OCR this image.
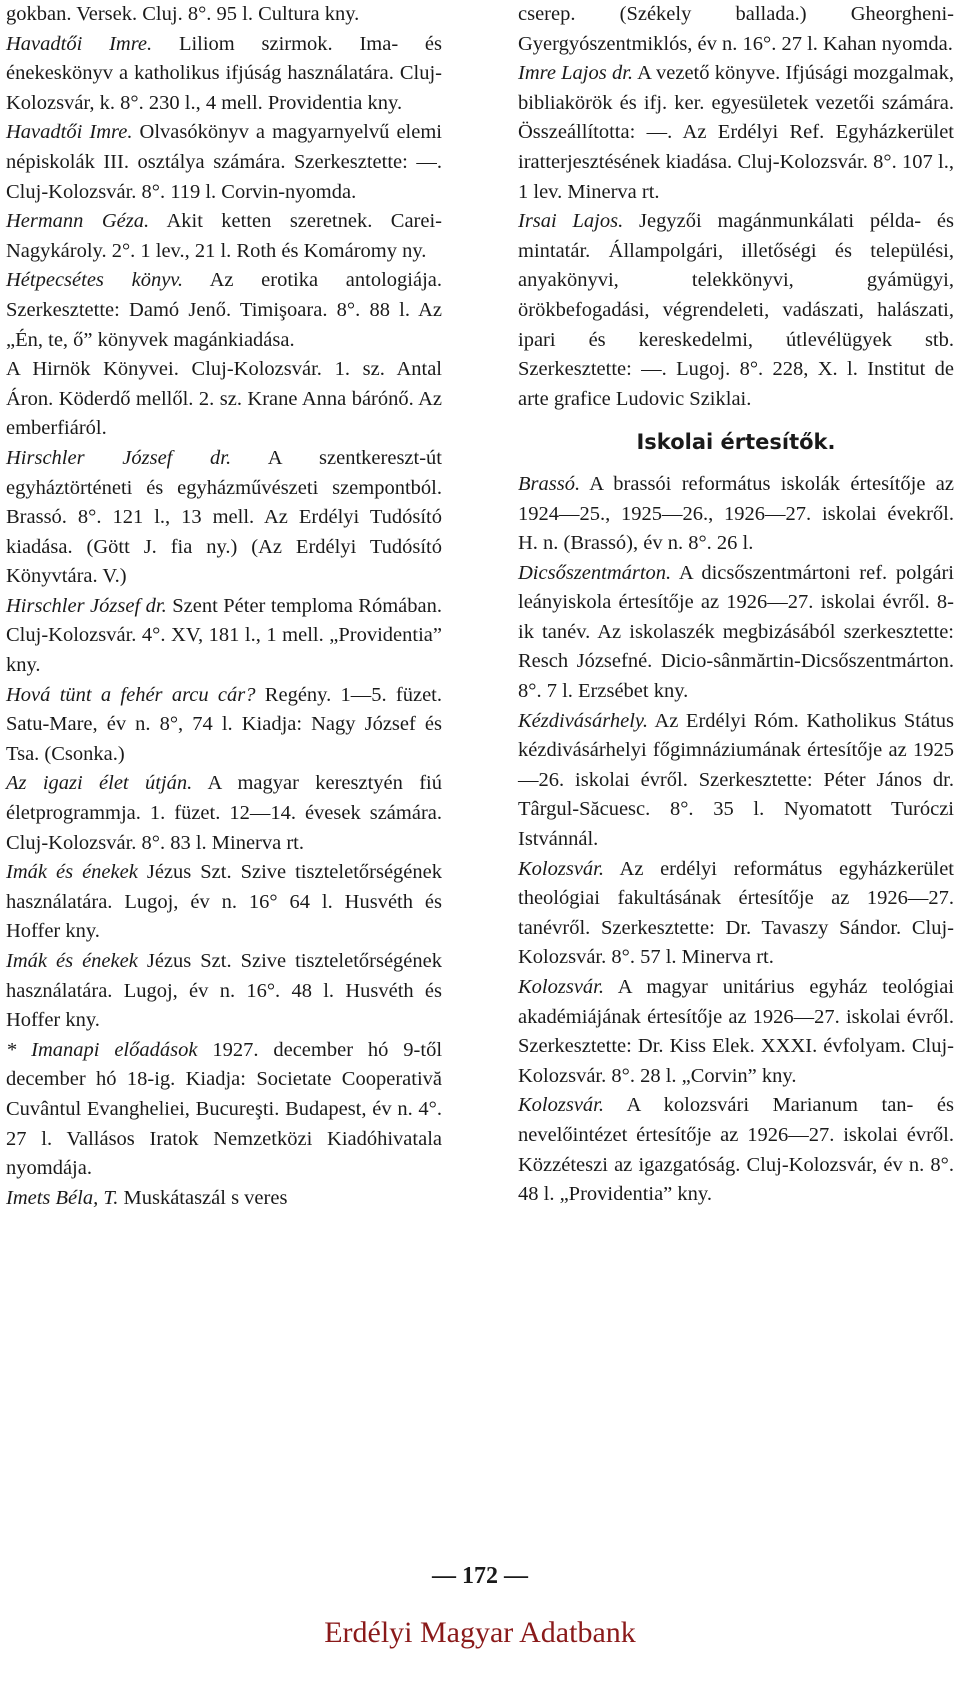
gokban. Versek. Cluj. 8°. 95 l. Cultura kny.

Havadtői Imre. Liliom szirmok. Ima- és énekeskönyv a katholikus ifjúság használatára. Cluj-Kolozsvár, k. 8°. 230 l., 4 mell. Providentia kny.

Havadtői Imre. Olvasókönyv a magyarnyelvű elemi népiskolák III. osztálya számára. Szerkesztette: —. Cluj-Kolozsvár. 8°. 119 l. Corvin-nyomda.

Hermann Géza. Akit ketten szeretnek. Carei-Nagykároly. 2°. 1 lev., 21 l. Roth és Komáromy ny.

Hétpecsétes könyv. Az erotika antologiája. Szerkesztette: Damó Jenő. Timişoara. 8°. 88 l. Az „Én, te, ő” könyvek magánkiadása.

A Hirnök Könyvei. Cluj-Kolozsvár. 1. sz. Antal Áron. Köderdő mellől. 2. sz. Krane Anna bárónő. Az emberfiáról.

Hirschler József dr. A szentkereszt-út egyháztörténeti és egyházművészeti szempontból. Brassó. 8°. 121 l., 13 mell. Az Erdélyi Tudósító kiadása. (Gött J. fia ny.) (Az Erdélyi Tudósító Könyvtára. V.)

Hirschler József dr. Szent Péter temploma Rómában. Cluj-Kolozsvár. 4°. XV, 181 l., 1 mell. „Providentia” kny.

Hová tünt a fehér arcu cár? Regény. 1—5. füzet. Satu-Mare, év n. 8°, 74 l. Kiadja: Nagy József és Tsa. (Csonka.)

Az igazi élet útján. A magyar keresztyén fiú életprogrammja. 1. füzet. 12—14. évesek számára. Cluj-Kolozsvár. 8°. 83 l. Minerva rt.

Imák és énekek Jézus Szt. Szive tiszteletőrségének használatára. Lugoj, év n. 16° 64 l. Husvéth és Hoffer kny.

Imák és énekek Jézus Szt. Szive tiszteletőrségének használatára. Lugoj, év n. 16°. 48 l. Husvéth és Hoffer kny.

* Imanapi előadások 1927. december hó 9-től december hó 18-ig. Kiadja: Societate Cooperativă Cuvântul Evangheliei, Bucureşti. Budapest, év n. 4°. 27 l. Vallásos Iratok Nemzetközi Kiadóhivatala nyomdája.

Imets Béla, T. Muskátaszál s veres

cserep. (Székely ballada.) Gheorgheni-Gyergyószentmiklós, év n. 16°. 27 l. Kahan nyomda.

Imre Lajos dr. A vezető könyve. Ifjúsági mozgalmak, bibliakörök és ifj. ker. egyesületek vezetői számára. Összeállította: —. Az Erdélyi Ref. Egyházkerület iratterjesztésének kiadása. Cluj-Kolozsvár. 8°. 107 l., 1 lev. Minerva rt.

Irsai Lajos. Jegyzői magánmunkálati példa- és mintatár. Állampolgári, illetőségi és települési, anyakönyvi, telekkönyvi, gyámügyi, örökbefogadási, végrendeleti, vadászati, halászati, ipari és kereskedelmi, útlevélügyek stb. Szerkesztette: —. Lugoj. 8°. 228, X. l. Institut de arte grafice Ludovic Sziklai.

Iskolai értesítők.

Brassó. A brassói református iskolák értesítője az 1924—25., 1925—26., 1926—27. iskolai évekről. H. n. (Brassó), év n. 8°. 26 l.

Dicsőszentmárton. A dicsőszentmártoni ref. polgári leányiskola értesítője az 1926—27. iskolai évről. 8-ik tanév. Az iskolaszék megbizásából szerkesztette: Resch Józsefné. Dicio-sânmărtin-Dicsőszentmárton. 8°. 7 l. Erzsébet kny.

Kézdivásárhely. Az Erdélyi Róm. Katholikus Státus kézdivásárhelyi főgimnáziumának értesítője az 1925—26. iskolai évről. Szerkesztette: Péter János dr. Târgul-Săcuesc. 8°. 35 l. Nyomatott Turóczi Istvánnál.

Kolozsvár. Az erdélyi református egyházkerület theológiai fakultásának értesítője az 1926—27. tanévről. Szerkesztette: Dr. Tavaszy Sándor. Cluj-Kolozsvár. 8°. 57 l. Minerva rt.

Kolozsvár. A magyar unitárius egyház teológiai akadémiájának értesítője az 1926—27. iskolai évről. Szerkesztette: Dr. Kiss Elek. XXXI. évfolyam. Cluj-Kolozsvár. 8°. 28 l. „Corvin” kny.

Kolozsvár. A kolozsvári Marianum tan- és nevelőintézet értesítője az 1926—27. iskolai évről. Közzéteszi az igazgatóság. Cluj-Kolozsvár, év n. 8°. 48 l. „Providentia” kny.

— 172 —
Erdélyi Magyar Adatbank
